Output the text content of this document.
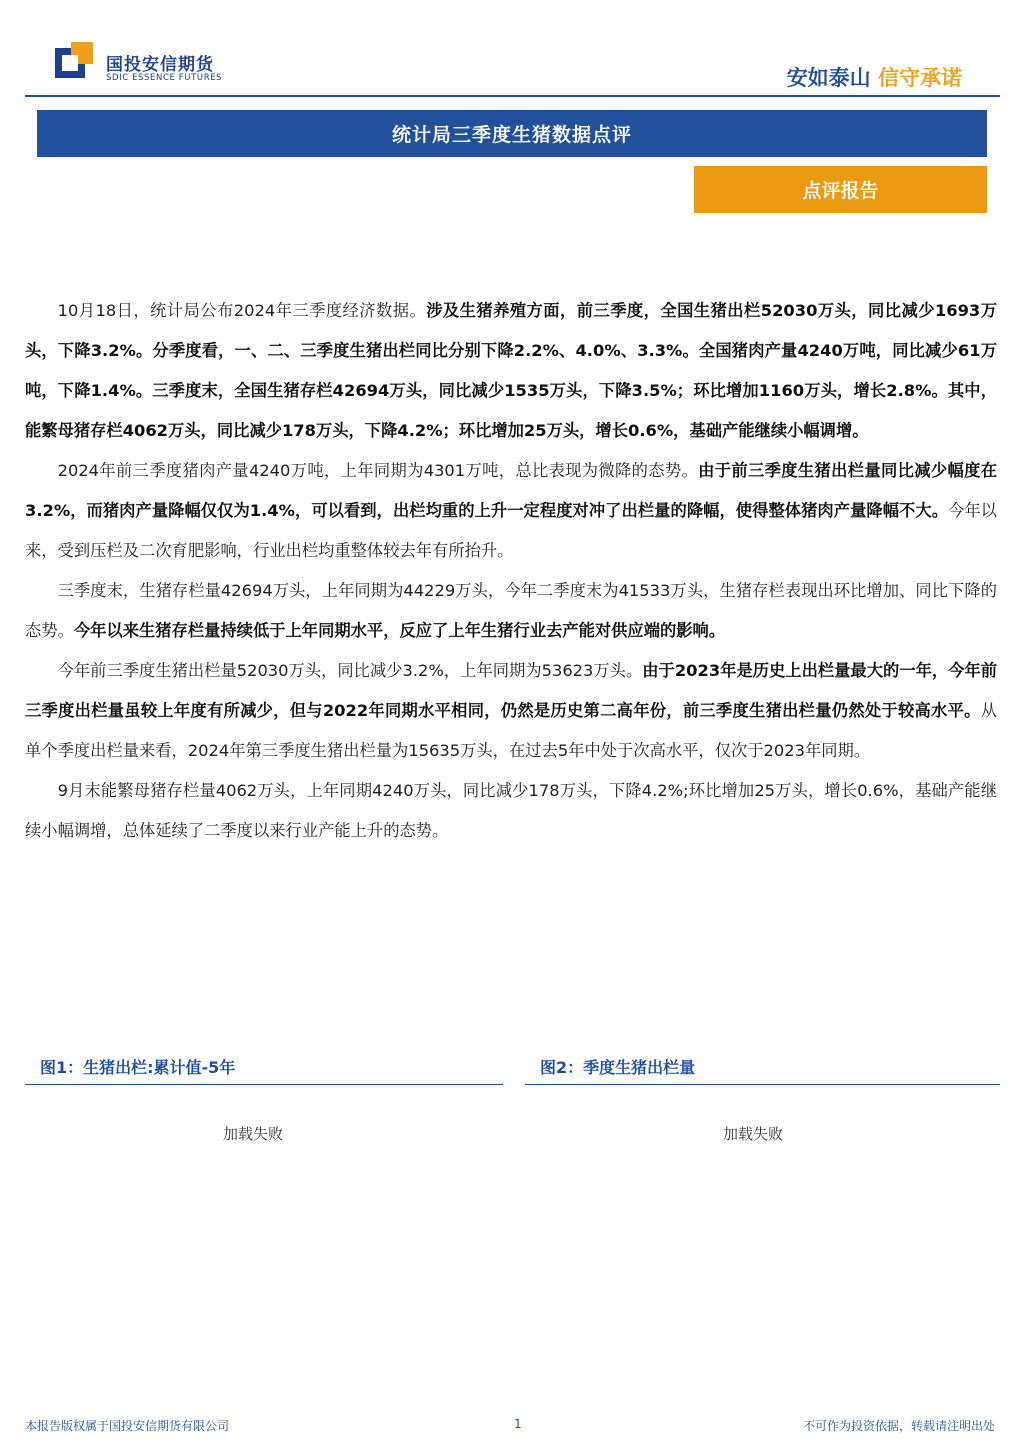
国投安信期货
SDIC ESSENCE FUTURES	安如泰山 信守承诺
统计局三季度生猪数据点评
点评报告

10月18日，统计局公布2024年三季度经济数据。涉及生猪养殖方面，前三季度，全国生猪出栏52030万头，同比减少1693万头，下降3.2%。分季度看，一、二、三季度生猪出栏同比分别下降2.2%、4.0%、3.3%。全国猪肉产量4240万吨，同比减少61万吨，下降1.4%。三季度末，全国生猪存栏42694万头，同比减少1535万头，下降3.5%；环比增加1160万头，增长2.8%。其中，能繁母猪存栏4062万头，同比减少178万头，下降4.2%；环比增加25万头，增长0.6%，基础产能继续小幅调增。

2024年前三季度猪肉产量4240万吨，上年同期为4301万吨，总比表现为微降的态势。由于前三季度生猪出栏量同比减少幅度在3.2%，而猪肉产量降幅仅仅为1.4%，可以看到，出栏均重的上升一定程度对冲了出栏量的降幅，使得整体猪肉产量降幅不大。今年以来，受到压栏及二次育肥影响，行业出栏均重整体较去年有所抬升。

三季度末，生猪存栏量42694万头，上年同期为44229万头，今年二季度末为41533万头，生猪存栏表现出环比增加、同比下降的态势。今年以来生猪存栏量持续低于上年同期水平，反应了上年生猪行业去产能对供应端的影响。

今年前三季度生猪出栏量52030万头，同比减少3.2%，上年同期为53623万头。由于2023年是历史上出栏量最大的一年，今年前三季度出栏量虽较上年度有所减少，但与2022年同期水平相同，仍然是历史第二高年份，前三季度生猪出栏量仍然处于较高水平。从单个季度出栏量来看，2024年第三季度生猪出栏量为15635万头，在过去5年中处于次高水平，仅次于2023年同期。

9月末能繁母猪存栏量4062万头，上年同期4240万头，同比减少178万头，下降4.2%;环比增加25万头，增长0.6%，基础产能继续小幅调增，总体延续了二季度以来行业产能上升的态势。

图1：生猪出栏:累计值-5年
加载失败
图2：季度生猪出栏量
加载失败
本报告版权属于国投安信期货有限公司	1	不可作为投资依据，转载请注明出处
